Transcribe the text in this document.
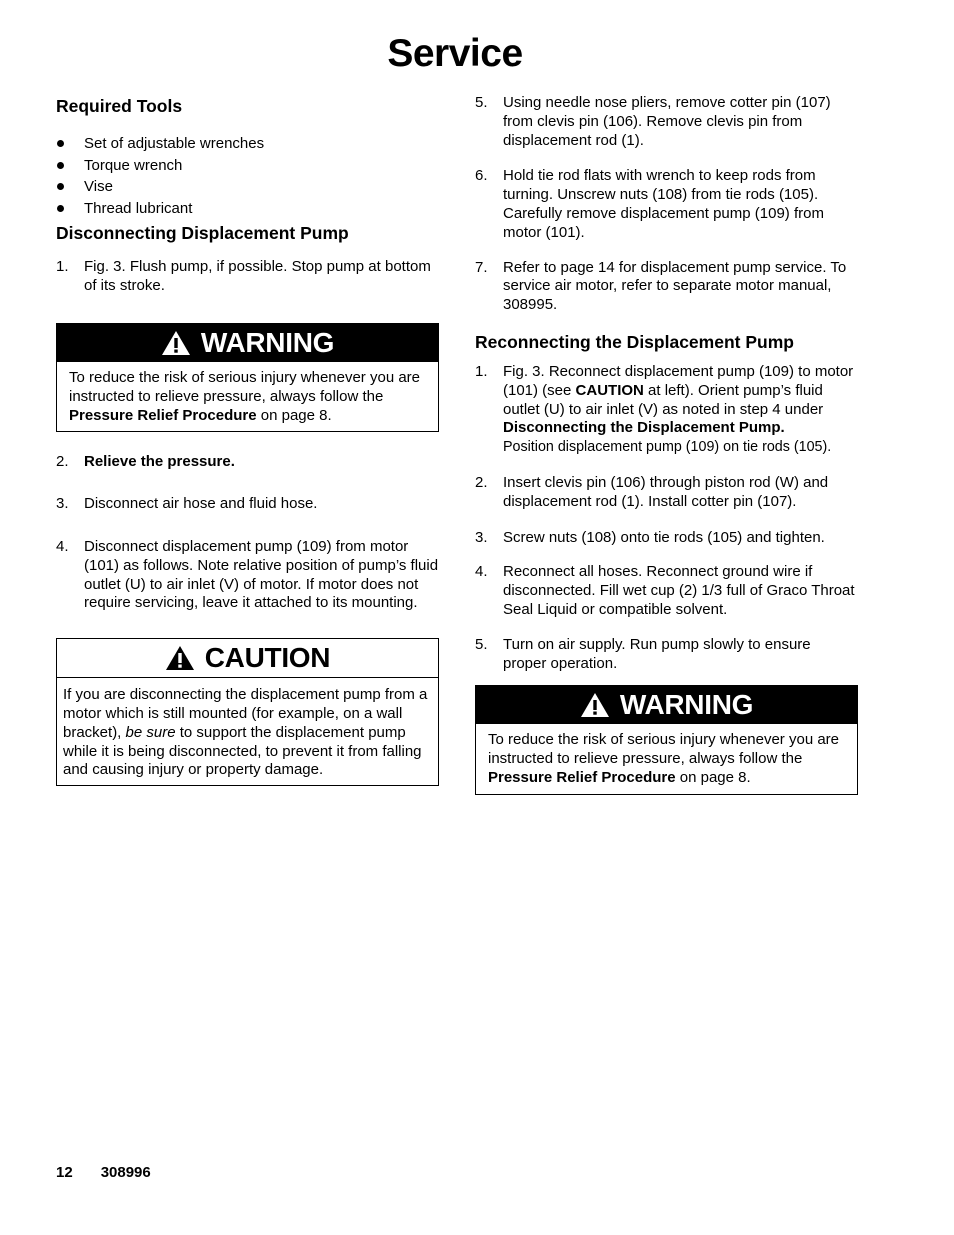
Service
Required Tools
Set of adjustable wrenches
Torque wrench
Vise
Thread lubricant
Disconnecting Displacement Pump
1. Fig. 3. Flush pump, if possible. Stop pump at bottom of its stroke.
WARNING
To reduce the risk of serious injury whenever you are instructed to relieve pressure, always follow the Pressure Relief Procedure on page 8.
2. Relieve the pressure.
3. Disconnect air hose and fluid hose.
4. Disconnect displacement pump (109) from motor (101) as follows. Note relative position of pump’s fluid outlet (U) to air inlet (V) of motor. If motor does not require servicing, leave it attached to its mounting.
CAUTION
If you are disconnecting the displacement pump from a motor which is still mounted (for example, on a wall bracket), be sure to support the displacement pump while it is being disconnected, to prevent it from falling and causing injury or property damage.
5. Using needle nose pliers, remove cotter pin (107) from clevis pin (106). Remove clevis pin from displacement rod (1).
6. Hold tie rod flats with wrench to keep rods from turning. Unscrew nuts (108) from tie rods (105). Carefully remove displacement pump (109) from motor (101).
7. Refer to page 14 for displacement pump service. To service air motor, refer to separate motor manual, 308995.
Reconnecting the Displacement Pump
1. Fig. 3. Reconnect displacement pump (109) to motor (101) (see CAUTION at left). Orient pump’s fluid outlet (U) to air inlet (V) as noted in step 4 under Disconnecting the Displacement Pump.
Position displacement pump (109) on tie rods (105).
2. Insert clevis pin (106) through piston rod (W) and displacement rod (1). Install cotter pin (107).
3. Screw nuts (108) onto tie rods (105) and tighten.
4. Reconnect all hoses. Reconnect ground wire if disconnected. Fill wet cup (2) 1/3 full of Graco Throat Seal Liquid or compatible solvent.
5. Turn on air supply. Run pump slowly to ensure proper operation.
WARNING
To reduce the risk of serious injury whenever you are instructed to relieve pressure, always follow the Pressure Relief Procedure on page 8.
12 308996
